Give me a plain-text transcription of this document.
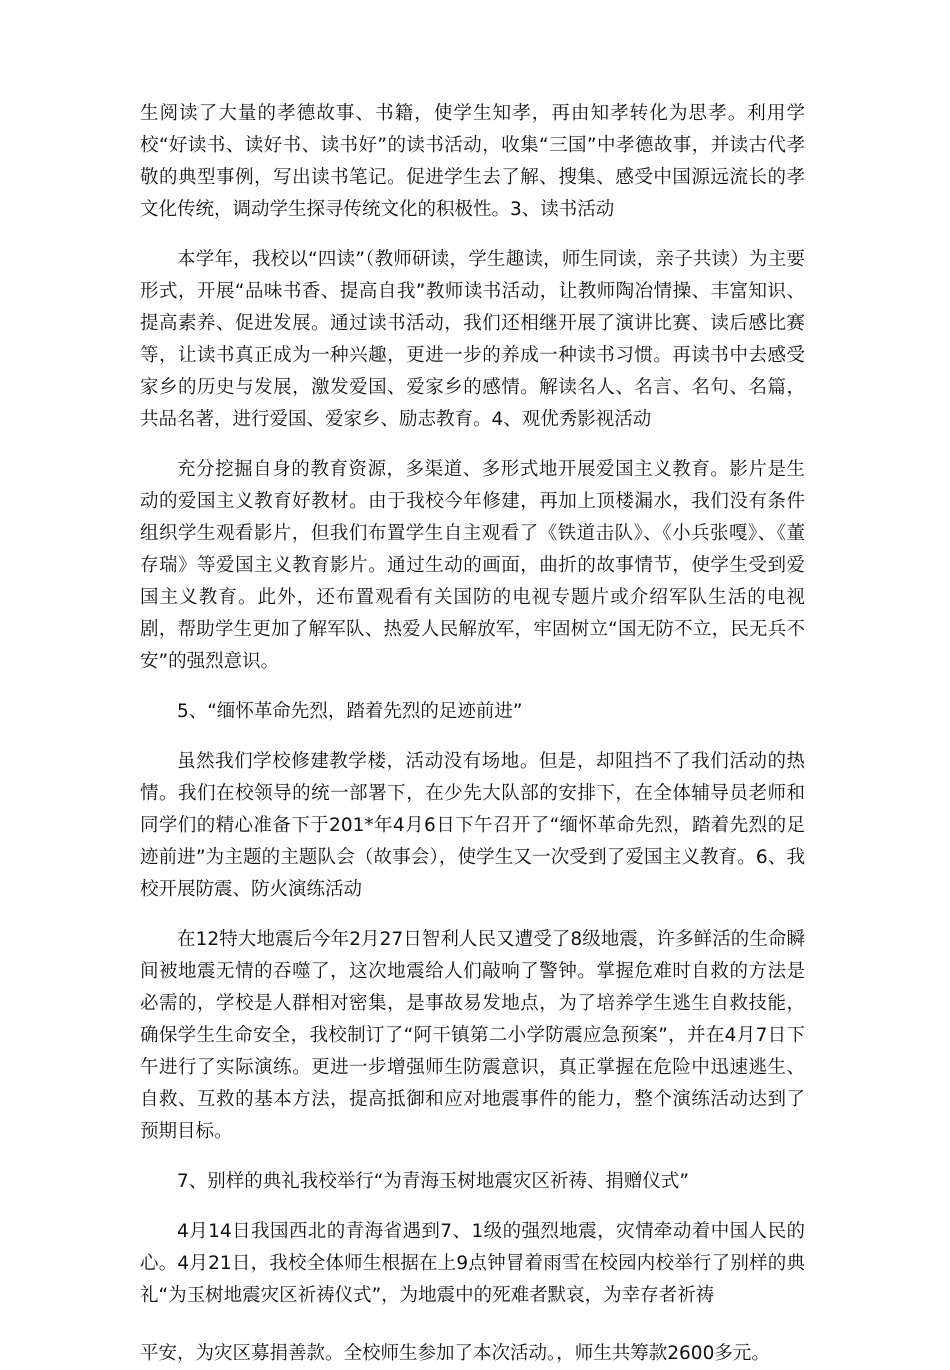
生阅读了大量的孝德故事、书籍，使学生知孝，再由知孝转化为思孝。利用学校“好读书、读好书、读书好”的读书活动，收集“三国”中孝德故事，并读古代孝敬的典型事例，写出读书笔记。促进学生去了解、搜集、感受中国源远流长的孝文化传统，调动学生探寻传统文化的积极性。3、读书活动

本学年，我校以“四读”（教师研读，学生趣读，师生同读，亲子共读）为主要形式，开展“品味书香、提高自我”教师读书活动，让教师陶冶情操、丰富知识、提高素养、促进发展。通过读书活动，我们还相继开展了演讲比赛、读后感比赛等，让读书真正成为一种兴趣，更进一步的养成一种读书习惯。再读书中去感受家乡的历史与发展，激发爱国、爱家乡的感情。解读名人、名言、名句、名篇，共品名著，进行爱国、爱家乡、励志教育。4、观优秀影视活动

充分挖掘自身的教育资源，多渠道、多形式地开展爱国主义教育。影片是生动的爱国主义教育好教材。由于我校今年修建，再加上顶楼漏水，我们没有条件组织学生观看影片，但我们布置学生自主观看了《铁道击队》、《小兵张嘎》、《董存瑞》等爱国主义教育影片。通过生动的画面，曲折的故事情节，使学生受到爱国主义教育。此外，还布置观看有关国防的电视专题片或介绍军队生活的电视剧，帮助学生更加了解军队、热爱人民解放军，牢固树立“国无防不立，民无兵不安”的强烈意识。

5、“缅怀革命先烈，踏着先烈的足迹前进”

虽然我们学校修建教学楼，活动没有场地。但是，却阻挡不了我们活动的热情。我们在校领导的统一部署下，在少先大队部的安排下，在全体辅导员老师和同学们的精心准备下于201*年4月6日下午召开了“缅怀革命先烈，踏着先烈的足迹前进”为主题的主题队会（故事会），使学生又一次受到了爱国主义教育。6、我校开展防震、防火演练活动

在12特大地震后今年2月27日智利人民又遭受了8级地震，许多鲜活的生命瞬间被地震无情的吞噬了，这次地震给人们敲响了警钟。掌握危难时自救的方法是必需的，学校是人群相对密集，是事故易发地点，为了培养学生逃生自救技能，确保学生生命安全，我校制订了“阿干镇第二小学防震应急预案”，并在4月7日下午进行了实际演练。更进一步增强师生防震意识，真正掌握在危险中迅速逃生、自救、互救的基本方法，提高抵御和应对地震事件的能力，整个演练活动达到了预期目标。

7、别样的典礼我校举行“为青海玉树地震灾区祈祷、捐赠仪式”

4月14日我国西北的青海省遇到7、1级的强烈地震，灾情牵动着中国人民的心。4月21日，我校全体师生根据在上9点钟冒着雨雪在校园内校举行了别样的典礼“为玉树地震灾区祈祷仪式”，为地震中的死难者默哀，为幸存者祈祷

平安，为灾区募捐善款。全校师生参加了本次活动。，师生共筹款2600多元。
